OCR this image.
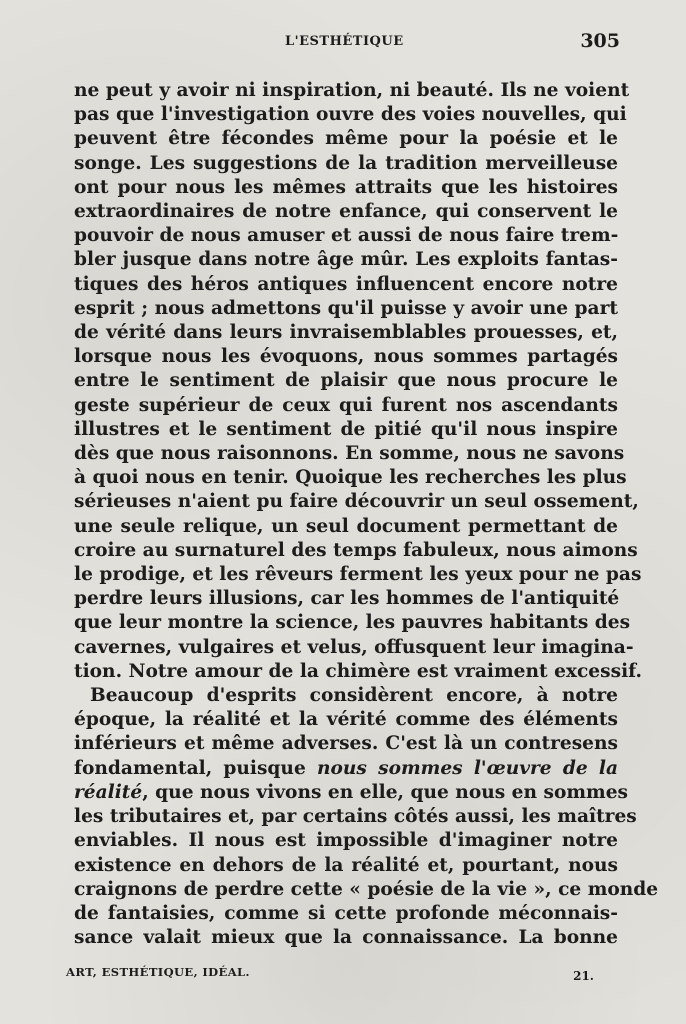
L'ESTHÉTIQUE	305
ne peut y avoir ni inspiration, ni beauté. Ils ne voient
pas que l'investigation ouvre des voies nouvelles, qui
peuvent être fécondes même pour la poésie et le
songe. Les suggestions de la tradition merveilleuse
ont pour nous les mêmes attraits que les histoires
extraordinaires de notre enfance, qui conservent le
pouvoir de nous amuser et aussi de nous faire trem-
bler jusque dans notre âge mûr. Les exploits fantas-
tiques des héros antiques influencent encore notre
esprit ; nous admettons qu'il puisse y avoir une part
de vérité dans leurs invraisemblables prouesses, et,
lorsque nous les évoquons, nous sommes partagés
entre le sentiment de plaisir que nous procure le
geste supérieur de ceux qui furent nos ascendants
illustres et le sentiment de pitié qu'il nous inspire
dès que nous raisonnons. En somme, nous ne savons
à quoi nous en tenir. Quoique les recherches les plus
sérieuses n'aient pu faire découvrir un seul ossement,
une seule relique, un seul document permettant de
croire au surnaturel des temps fabuleux, nous aimons
le prodige, et les rêveurs ferment les yeux pour ne pas
perdre leurs illusions, car les hommes de l'antiquité
que leur montre la science, les pauvres habitants des
cavernes, vulgaires et velus, offusquent leur imagina-
tion. Notre amour de la chimère est vraiment excessif.
Beaucoup d'esprits considèrent encore, à notre
époque, la réalité et la vérité comme des éléments
inférieurs et même adverses. C'est là un contresens
fondamental, puisque nous sommes l'œuvre de la
réalité, que nous vivons en elle, que nous en sommes
les tributaires et, par certains côtés aussi, les maîtres
enviables. Il nous est impossible d'imaginer notre
existence en dehors de la réalité et, pourtant, nous
craignons de perdre cette « poésie de la vie », ce monde
de fantaisies, comme si cette profonde méconnais-
sance valait mieux que la connaissance. La bonne
ART, ESTHÉTIQUE, IDÉAL.	21.
